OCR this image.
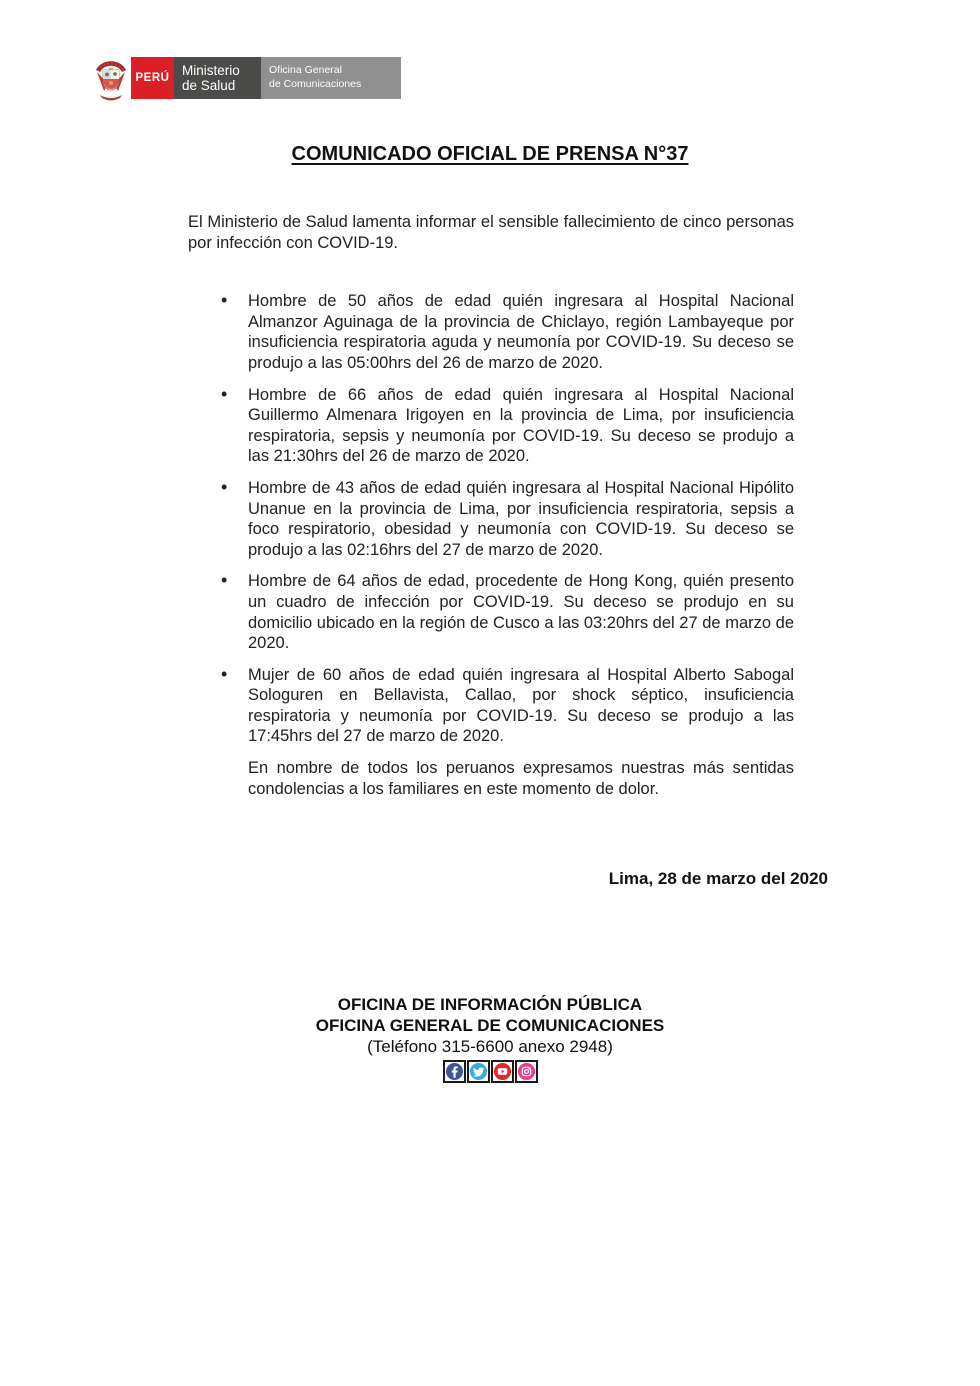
PERÚ
Ministerio
de Salud
Oficina General
de Comunicaciones
COMUNICADO OFICIAL DE PRENSA N°37

El Ministerio de Salud lamenta informar el sensible fallecimiento de cinco personas por infección con COVID-19.

• Hombre de 50 años de edad quién ingresara al Hospital Nacional Almanzor Aguinaga de la provincia de Chiclayo, región Lambayeque por insuficiencia respiratoria aguda y neumonía por COVID-19. Su deceso se produjo a las 05:00hrs del 26 de marzo de 2020.
• Hombre de 66 años de edad quién ingresara al Hospital Nacional Guillermo Almenara Irigoyen en la provincia de Lima, por insuficiencia respiratoria, sepsis y neumonía por COVID-19. Su deceso se produjo a las 21:30hrs del 26 de marzo de 2020.
• Hombre de 43 años de edad quién ingresara al Hospital Nacional Hipólito Unanue en la provincia de Lima, por insuficiencia respiratoria, sepsis a foco respiratorio, obesidad y neumonía con COVID-19. Su deceso se produjo a las 02:16hrs del 27 de marzo de 2020.
• Hombre de 64 años de edad, procedente de Hong Kong, quién presento un cuadro de infección por COVID-19. Su deceso se produjo en su domicilio ubicado en la región de Cusco a las 03:20hrs del 27 de marzo de 2020.
• Mujer de 60 años de edad quién ingresara al Hospital Alberto Sabogal Sologuren en Bellavista, Callao, por shock séptico, insuficiencia respiratoria y neumonía por COVID-19. Su deceso se produjo a las 17:45hrs del 27 de marzo de 2020.

En nombre de todos los peruanos expresamos nuestras más sentidas condolencias a los familiares en este momento de dolor.

Lima, 28 de marzo del 2020

OFICINA DE INFORMACIÓN PÚBLICA

OFICINA GENERAL DE COMUNICACIONES

(Teléfono 315-6600 anexo 2948)
